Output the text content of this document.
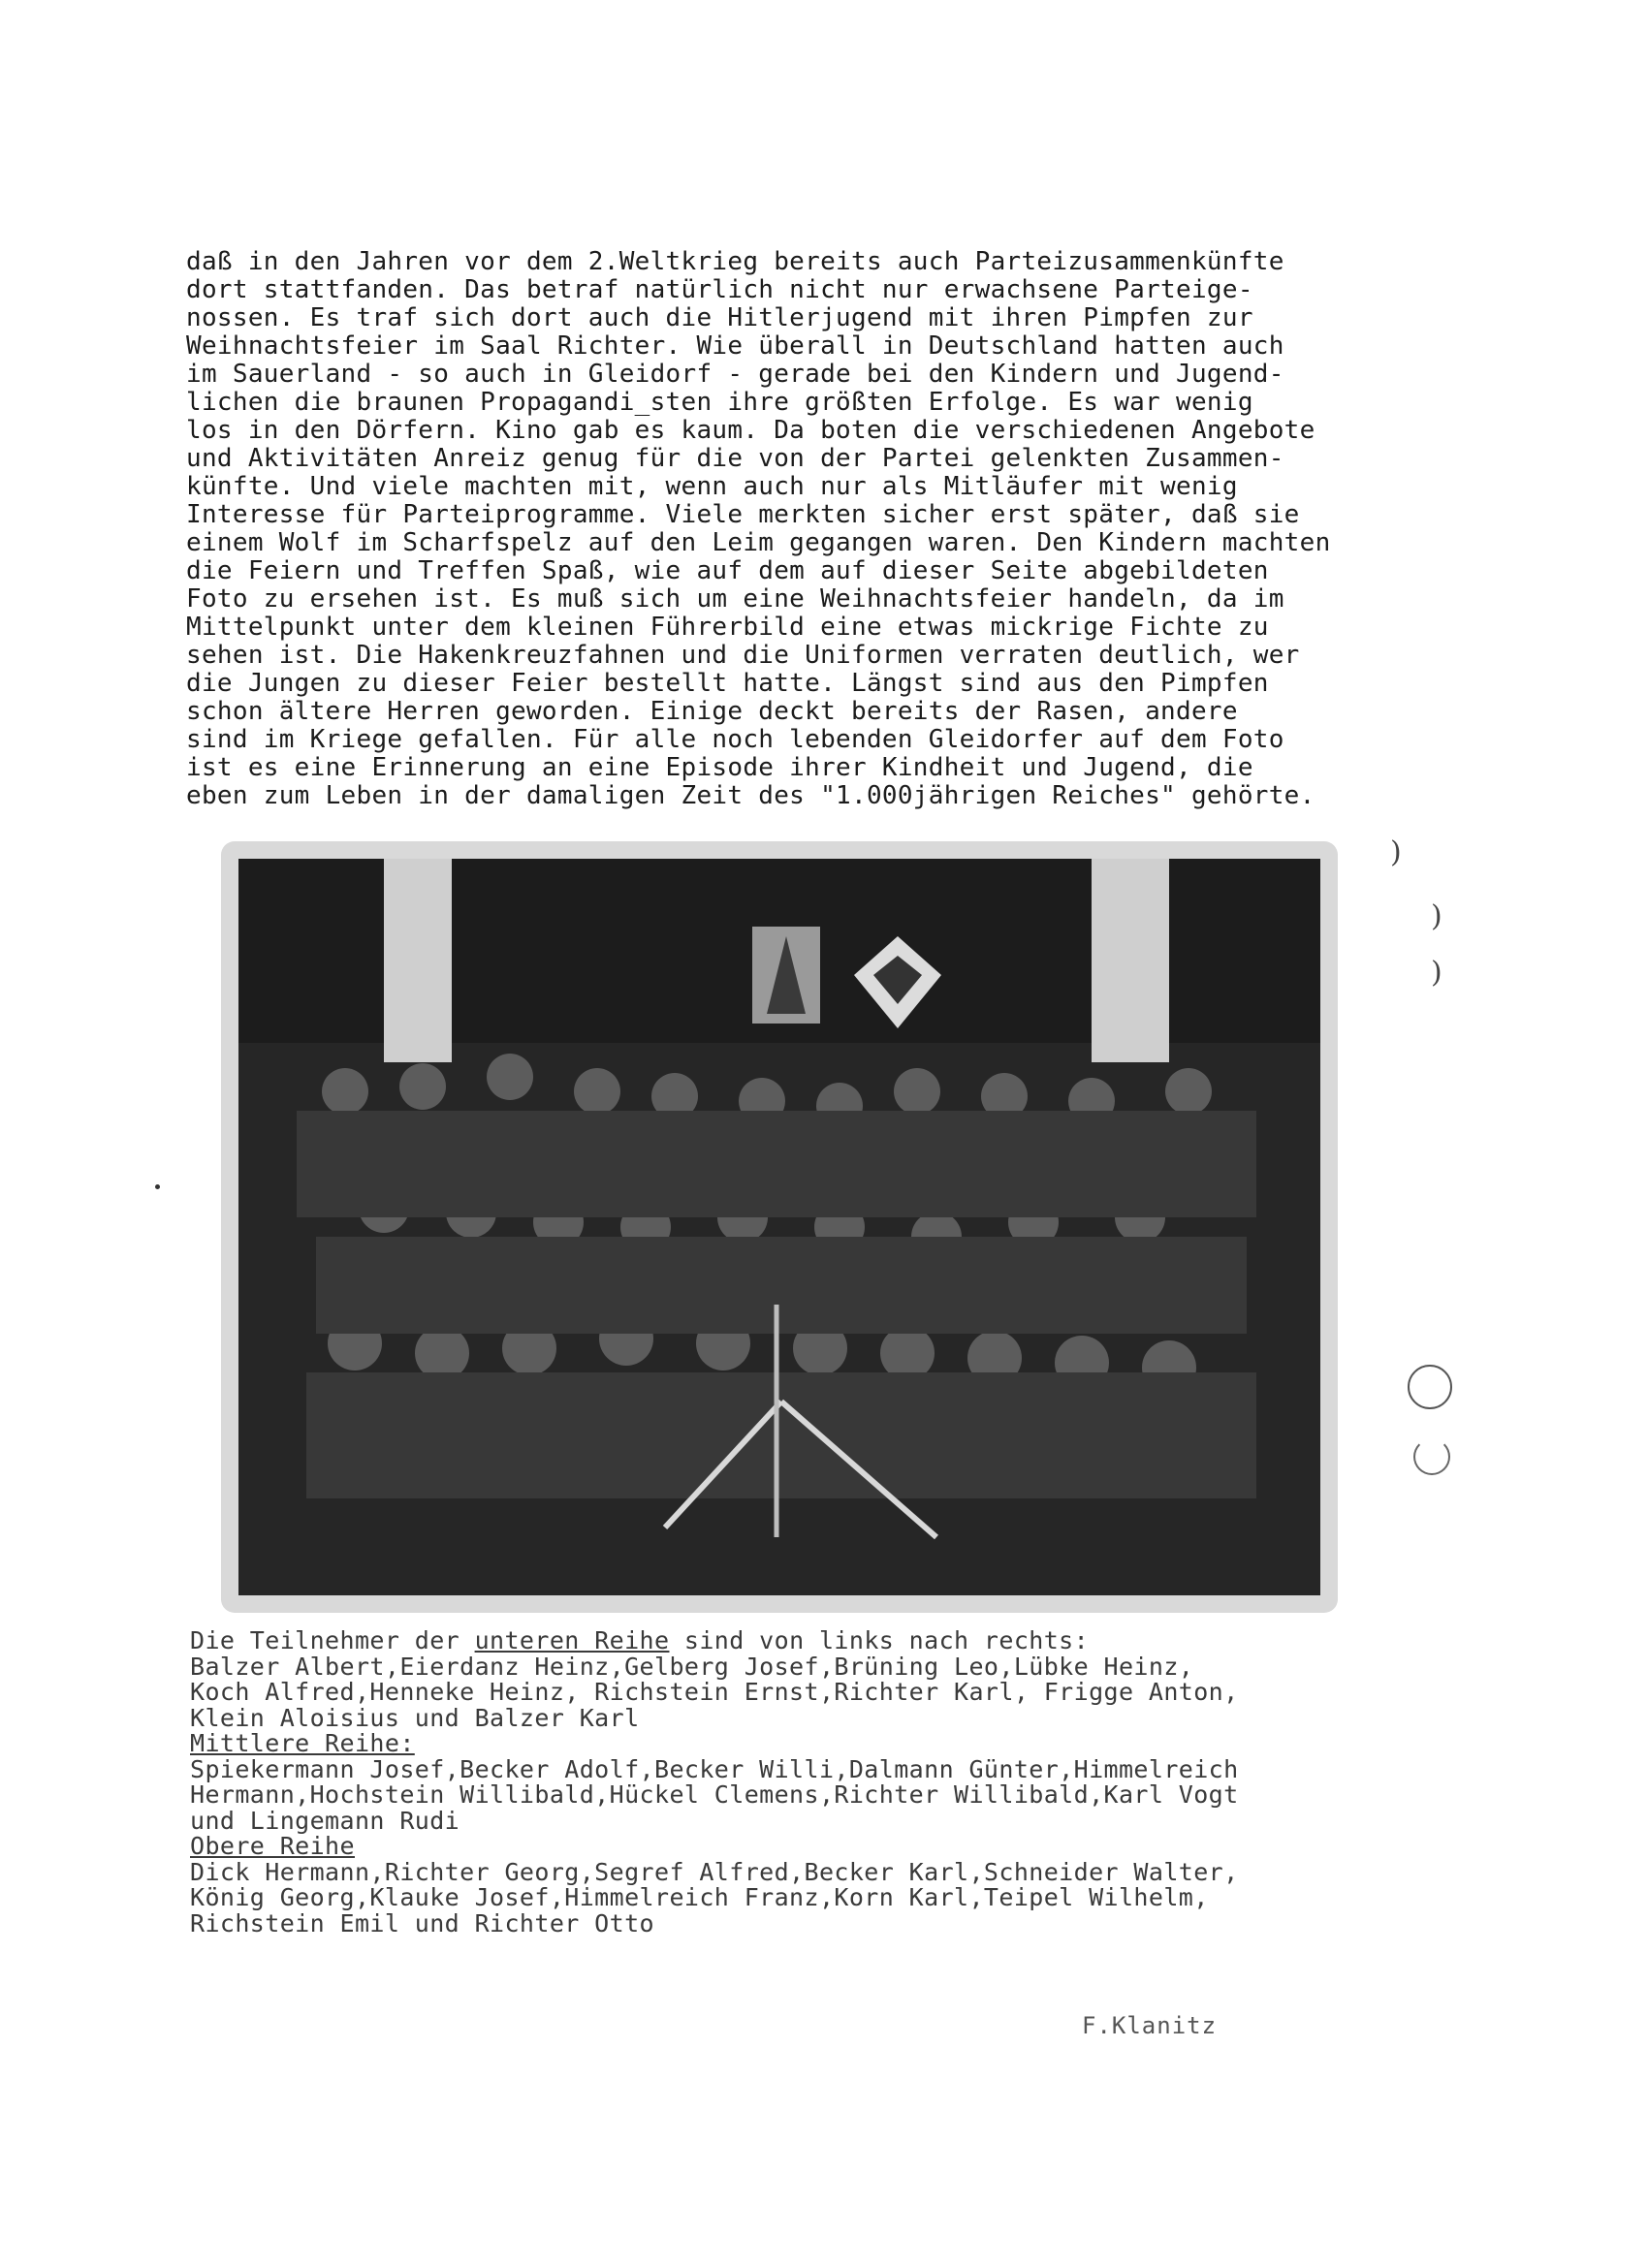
daß in den Jahren vor dem 2.Weltkrieg bereits auch Parteizusammenkünfte
dort stattfanden. Das betraf natürlich nicht nur erwachsene Parteige-
nossen. Es traf sich dort auch die Hitlerjugend mit ihren Pimpfen zur
Weihnachtsfeier im Saal Richter. Wie überall in Deutschland hatten auch
im Sauerland - so auch in Gleidorf - gerade bei den Kindern und Jugend-
lichen die braunen Propagandi_sten ihre größten Erfolge. Es war wenig
los in den Dörfern. Kino gab es kaum. Da boten die verschiedenen Angebote
und Aktivitäten Anreiz genug für die von der Partei gelenkten Zusammen-
künfte. Und viele machten mit, wenn auch nur als Mitläufer mit wenig
Interesse für Parteiprogramme. Viele merkten sicher erst später, daß sie
einem Wolf im Scharfspelz auf den Leim gegangen waren. Den Kindern machten
die Feiern und Treffen Spaß, wie auf dem auf dieser Seite abgebildeten
Foto zu ersehen ist. Es muß sich um eine Weihnachtsfeier handeln, da im
Mittelpunkt unter dem kleinen Führerbild eine etwas mickrige Fichte zu
sehen ist. Die Hakenkreuzfahnen und die Uniformen verraten deutlich, wer
die Jungen zu dieser Feier bestellt hatte. Längst sind aus den Pimpfen
schon ältere Herren geworden. Einige deckt bereits der Rasen, andere
sind im Kriege gefallen. Für alle noch lebenden Gleidorfer auf dem Foto
ist es eine Erinnerung an eine Episode ihrer Kindheit und Jugend, die
eben zum Leben in der damaligen Zeit des "1.000jährigen Reiches" gehörte.
Die Teilnehmer der unteren Reihe sind von links nach rechts:
Balzer Albert,Eierdanz Heinz,Gelberg Josef,Brüning Leo,Lübke Heinz,
Koch Alfred,Henneke Heinz, Richstein Ernst,Richter Karl, Frigge Anton,
Klein Aloisius und Balzer Karl
Mittlere Reihe:
Spiekermann Josef,Becker Adolf,Becker Willi,Dalmann Günter,Himmelreich
Hermann,Hochstein Willibald,Hückel Clemens,Richter Willibald,Karl Vogt
und Lingemann Rudi
Obere Reihe
Dick Hermann,Richter Georg,Segref Alfred,Becker Karl,Schneider Walter,
König Georg,Klauke Josef,Himmelreich Franz,Korn Karl,Teipel Wilhelm,
Richstein Emil und Richter Otto
F.Klanitz
)
)
)
